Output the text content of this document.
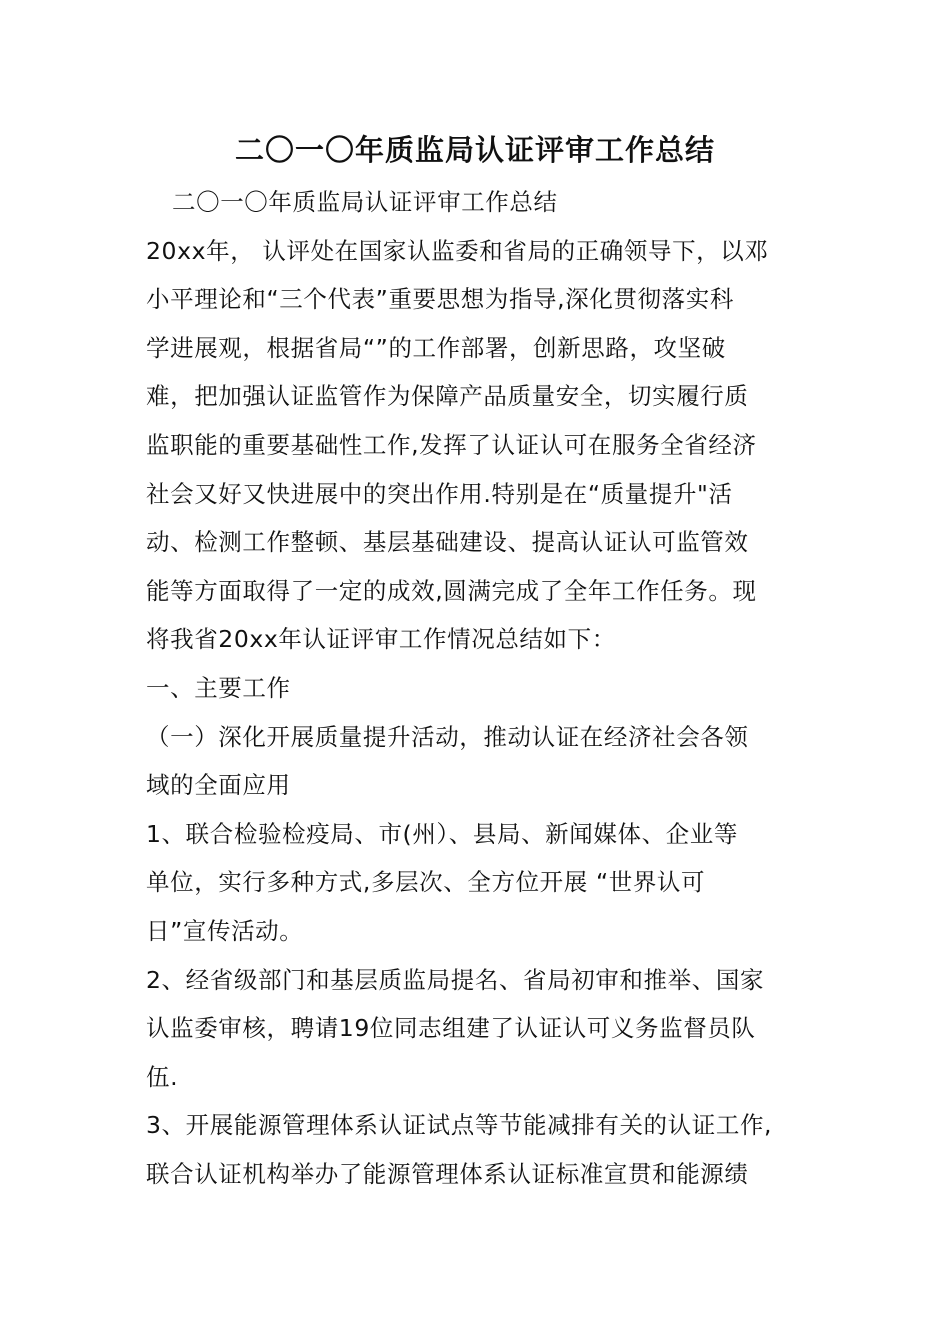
二〇一〇年质监局认证评审工作总结
二〇一〇年质监局认证评审工作总结
20xx年， 认评处在国家认监委和省局的正确领导下，以邓
小平理论和“三个代表”重要思想为指导,深化贯彻落实科
学进展观，根据省局“”的工作部署，创新思路，攻坚破
难，把加强认证监管作为保障产品质量安全，切实履行质
监职能的重要基础性工作,发挥了认证认可在服务全省经济
社会又好又快进展中的突出作用.特别是在“质量提升"活
动、检测工作整顿、基层基础建设、提高认证认可监管效
能等方面取得了一定的成效,圆满完成了全年工作任务。现
将我省20xx年认证评审工作情况总结如下：
一、主要工作
（一）深化开展质量提升活动，推动认证在经济社会各领
域的全面应用
1、联合检验检疫局、市(州）、县局、新闻媒体、企业等
单位，实行多种方式,多层次、全方位开展 “世界认可
日”宣传活动。
2、经省级部门和基层质监局提名、省局初审和推举、国家
认监委审核，聘请19位同志组建了认证认可义务监督员队
伍.
3、开展能源管理体系认证试点等节能减排有关的认证工作,
联合认证机构举办了能源管理体系认证标准宣贯和能源绩
